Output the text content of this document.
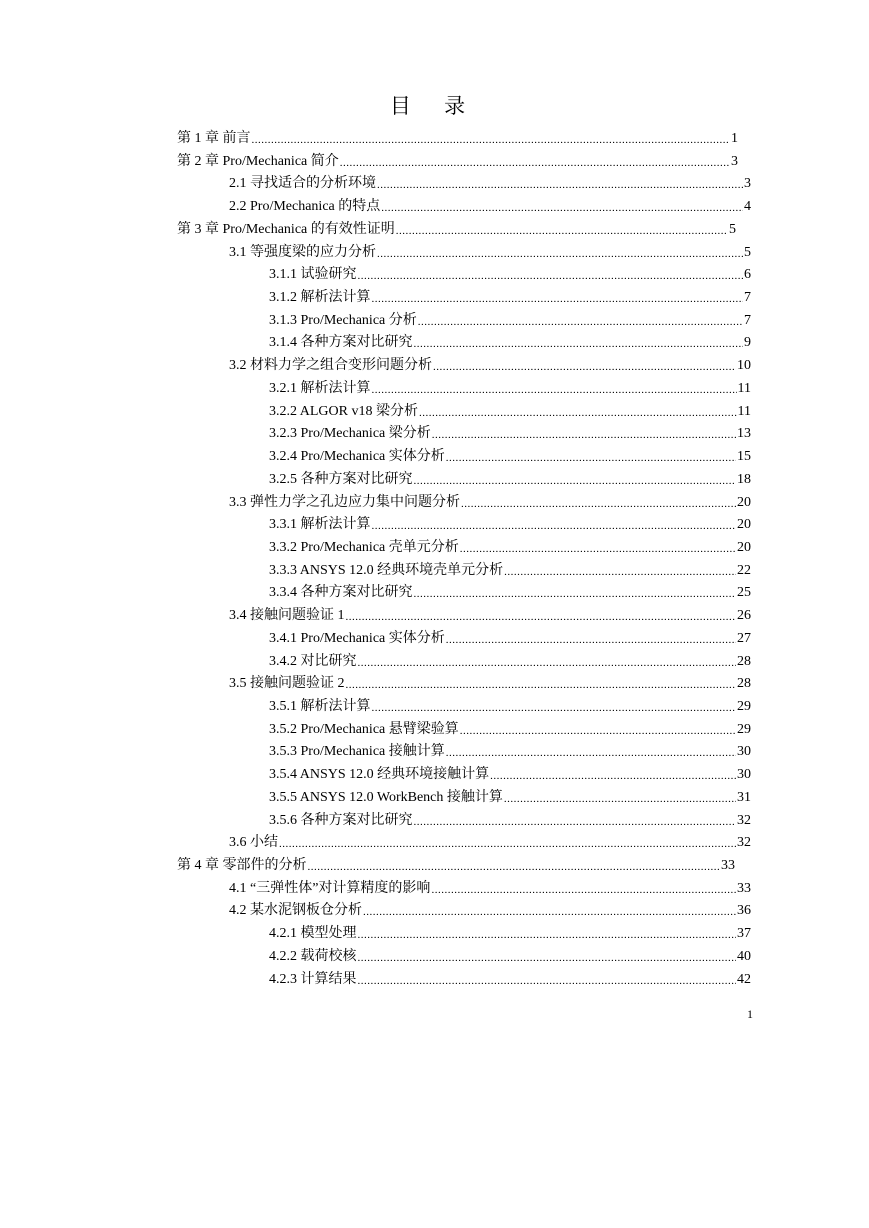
目 录
第 1 章 前言 .....	1
第 2 章 Pro/Mechanica 简介 .....	3
2.1 寻找适合的分析环境 .....	3
2.2 Pro/Mechanica 的特点 .....	4
第 3 章 Pro/Mechanica 的有效性证明 .....	5
3.1 等强度梁的应力分析 .....	5
3.1.1 试验研究 .....	6
3.1.2 解析法计算 .....	7
3.1.3 Pro/Mechanica 分析 .....	7
3.1.4 各种方案对比研究 .....	9
3.2 材料力学之组合变形问题分析 .....	10
3.2.1 解析法计算 .....	11
3.2.2 ALGOR v18 梁分析 .....	11
3.2.3 Pro/Mechanica 梁分析 .....	13
3.2.4 Pro/Mechanica 实体分析 .....	15
3.2.5 各种方案对比研究 .....	18
3.3 弹性力学之孔边应力集中问题分析 .....	20
3.3.1 解析法计算 .....	20
3.3.2 Pro/Mechanica 壳单元分析 .....	20
3.3.3 ANSYS 12.0 经典环境壳单元分析 .....	22
3.3.4 各种方案对比研究 .....	25
3.4 接触问题验证 1 .....	26
3.4.1 Pro/Mechanica 实体分析 .....	27
3.4.2 对比研究 .....	28
3.5 接触问题验证 2 .....	28
3.5.1 解析法计算 .....	29
3.5.2 Pro/Mechanica 悬臂梁验算 .....	29
3.5.3 Pro/Mechanica 接触计算 .....	30
3.5.4 ANSYS 12.0 经典环境接触计算 .....	30
3.5.5 ANSYS 12.0 WorkBench 接触计算 .....	31
3.5.6 各种方案对比研究 .....	32
3.6 小结 .....	32
第 4 章 零部件的分析 .....	33
4.1 “三弹性体”对计算精度的影响 .....	33
4.2 某水泥钢板仓分析 .....	36
4.2.1 模型处理 .....	37
4.2.2 载荷校核 .....	40
4.2.3 计算结果 .....	42
1
